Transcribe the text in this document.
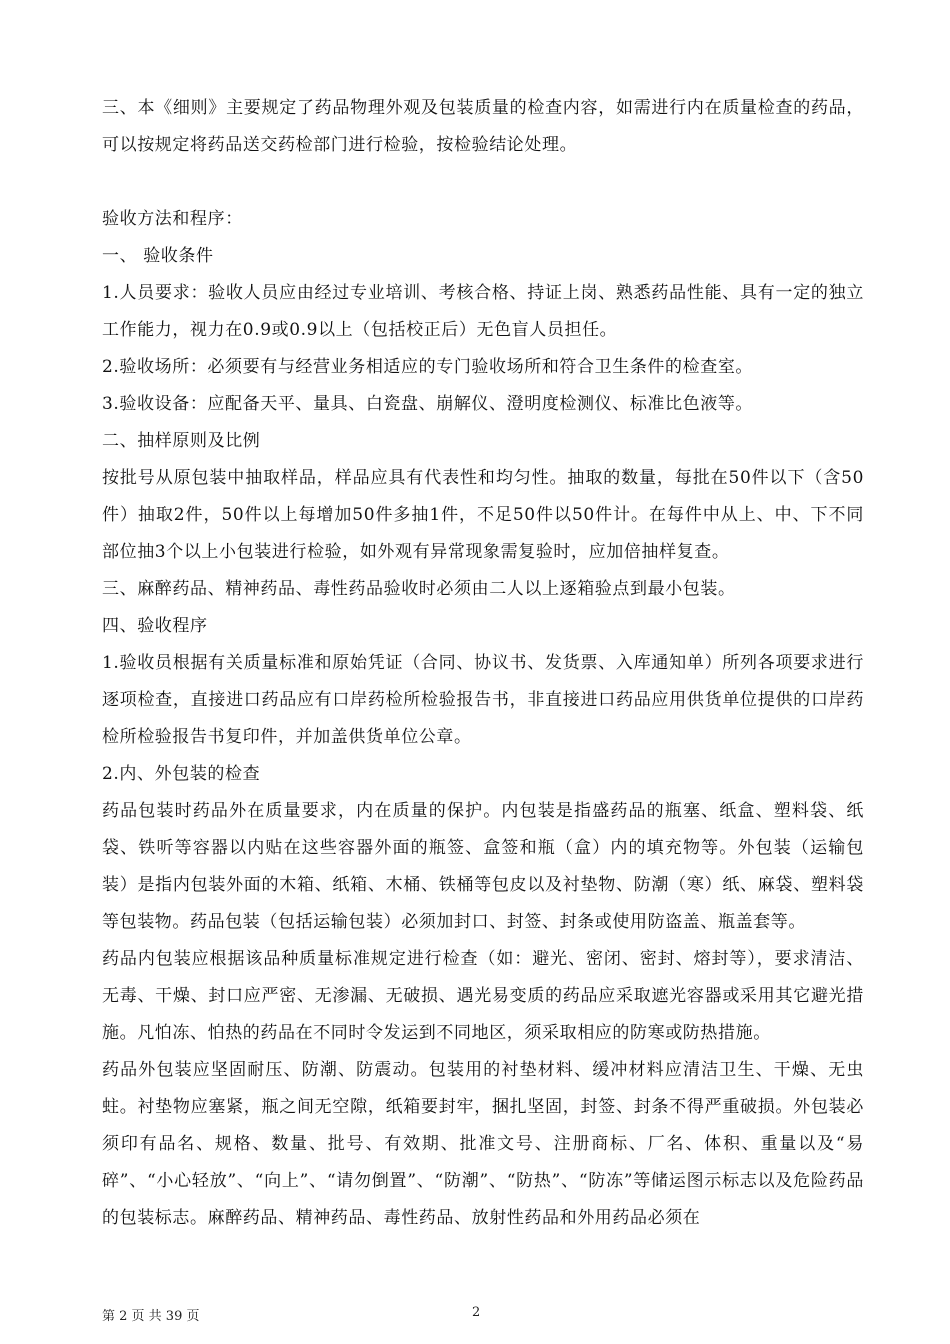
三、本《细则》主要规定了药品物理外观及包装质量的检查内容，如需进行内在质量检查的药品，可以按规定将药品送交药检部门进行检验，按检验结论处理。

验收方法和程序：

一、 验收条件

1.人员要求：验收人员应由经过专业培训、考核合格、持证上岗、熟悉药品性能、具有一定的独立工作能力，视力在0.9或0.9以上（包括校正后）无色盲人员担任。

2.验收场所：必须要有与经营业务相适应的专门验收场所和符合卫生条件的检查室。

3.验收设备：应配备天平、量具、白瓷盘、崩解仪、澄明度检测仪、标准比色液等。

二、抽样原则及比例

按批号从原包装中抽取样品，样品应具有代表性和均匀性。抽取的数量，每批在50件以下（含50件）抽取2件，50件以上每增加50件多抽1件，不足50件以50件计。在每件中从上、中、下不同部位抽3个以上小包装进行检验，如外观有异常现象需复验时，应加倍抽样复查。

三、麻醉药品、精神药品、毒性药品验收时必须由二人以上逐箱验点到最小包装。

四、验收程序

1.验收员根据有关质量标准和原始凭证（合同、协议书、发货票、入库通知单）所列各项要求进行逐项检查，直接进口药品应有口岸药检所检验报告书，非直接进口药品应用供货单位提供的口岸药检所检验报告书复印件，并加盖供货单位公章。

2.内、外包装的检查

药品包装时药品外在质量要求，内在质量的保护。内包装是指盛药品的瓶塞、纸盒、塑料袋、纸袋、铁听等容器以内贴在这些容器外面的瓶签、盒签和瓶（盒）内的填充物等。外包装（运输包装）是指内包装外面的木箱、纸箱、木桶、铁桶等包皮以及衬垫物、防潮（寒）纸、麻袋、塑料袋等包装物。药品包装（包括运输包装）必须加封口、封签、封条或使用防盗盖、瓶盖套等。

药品内包装应根据该品种质量标准规定进行检查（如：避光、密闭、密封、熔封等），要求清洁、无毒、干燥、封口应严密、无渗漏、无破损、遇光易变质的药品应采取遮光容器或采用其它避光措施。凡怕冻、怕热的药品在不同时令发运到不同地区，须采取相应的防寒或防热措施。

药品外包装应坚固耐压、防潮、防震动。包装用的衬垫材料、缓冲材料应清洁卫生、干燥、无虫蛀。衬垫物应塞紧，瓶之间无空隙，纸箱要封牢，捆扎坚固，封签、封条不得严重破损。外包装必须印有品名、规格、数量、批号、有效期、批准文号、注册商标、厂名、体积、重量以及“易碎”、“小心轻放”、“向上”、“请勿倒置”、“防潮”、“防热”、“防冻”等储运图示标志以及危险药品的包装标志。麻醉药品、精神药品、毒性药品、放射性药品和外用药品必须在

第 2 页 共 39 页	2
